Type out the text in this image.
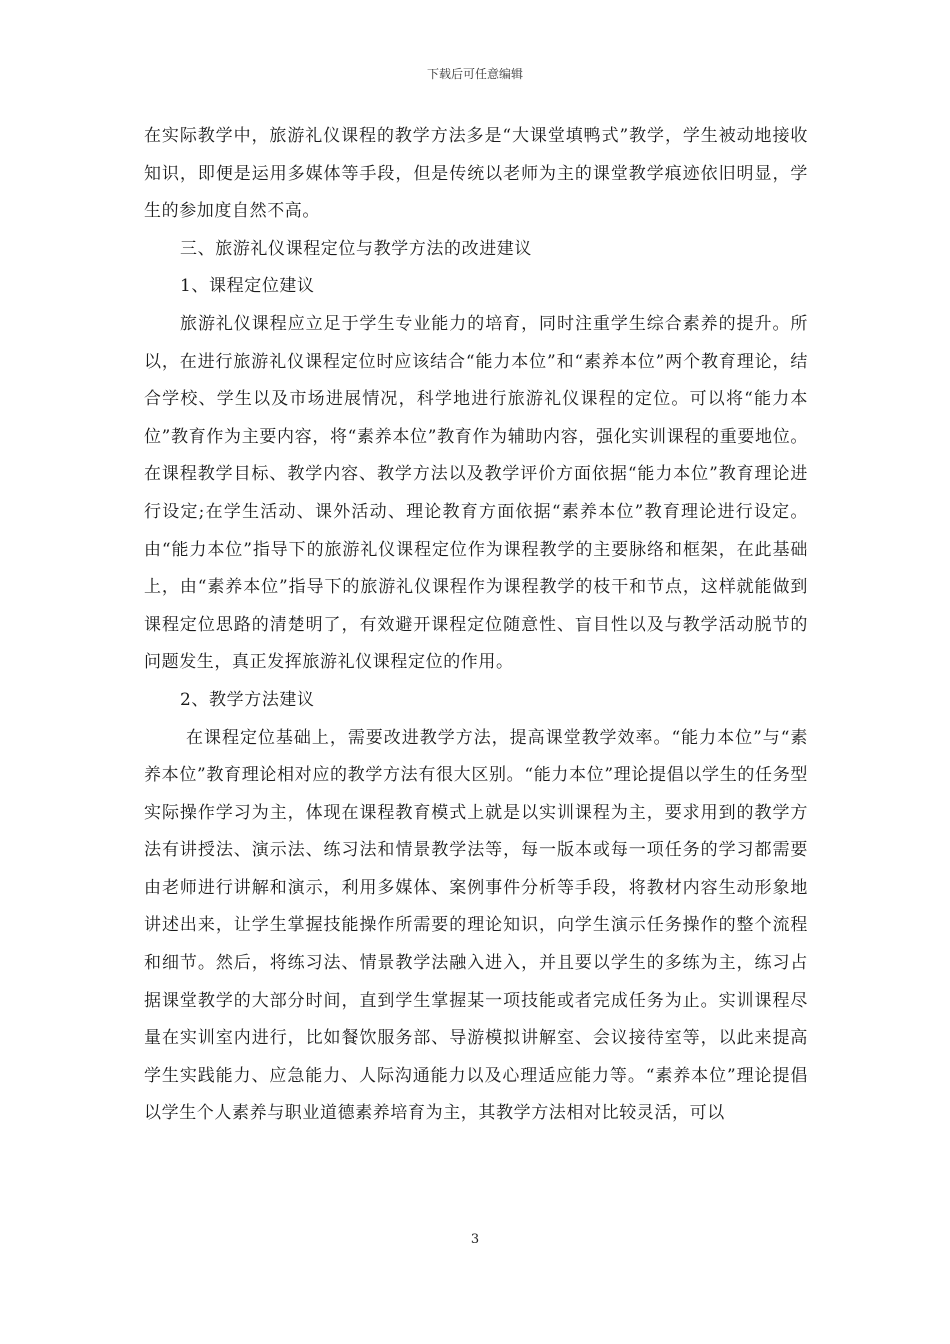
下载后可任意编辑

在实际教学中，旅游礼仪课程的教学方法多是“大课堂填鸭式”教学，学生被动地接收知识，即便是运用多媒体等手段，但是传统以老师为主的课堂教学痕迹依旧明显，学生的参加度自然不高。

三、旅游礼仪课程定位与教学方法的改进建议

1、课程定位建议

旅游礼仪课程应立足于学生专业能力的培育，同时注重学生综合素养的提升。所以，在进行旅游礼仪课程定位时应该结合“能力本位”和“素养本位”两个教育理论，结合学校、学生以及市场进展情况，科学地进行旅游礼仪课程的定位。可以将“能力本位”教育作为主要内容，将“素养本位”教育作为辅助内容，强化实训课程的重要地位。在课程教学目标、教学内容、教学方法以及教学评价方面依据“能力本位”教育理论进行设定;在学生活动、课外活动、理论教育方面依据“素养本位”教育理论进行设定。由“能力本位”指导下的旅游礼仪课程定位作为课程教学的主要脉络和框架，在此基础上，由“素养本位”指导下的旅游礼仪课程作为课程教学的枝干和节点，这样就能做到课程定位思路的清楚明了，有效避开课程定位随意性、盲目性以及与教学活动脱节的问题发生，真正发挥旅游礼仪课程定位的作用。

2、教学方法建议

在课程定位基础上，需要改进教学方法，提高课堂教学效率。“能力本位”与“素养本位”教育理论相对应的教学方法有很大区别。“能力本位”理论提倡以学生的任务型实际操作学习为主，体现在课程教育模式上就是以实训课程为主，要求用到的教学方法有讲授法、演示法、练习法和情景教学法等，每一版本或每一项任务的学习都需要由老师进行讲解和演示，利用多媒体、案例事件分析等手段，将教材内容生动形象地讲述出来，让学生掌握技能操作所需要的理论知识，向学生演示任务操作的整个流程和细节。然后，将练习法、情景教学法融入进入，并且要以学生的多练为主，练习占据课堂教学的大部分时间，直到学生掌握某一项技能或者完成任务为止。实训课程尽量在实训室内进行，比如餐饮服务部、导游模拟讲解室、会议接待室等，以此来提高学生实践能力、应急能力、人际沟通能力以及心理适应能力等。“素养本位”理论提倡以学生个人素养与职业道德素养培育为主，其教学方法相对比较灵活，可以

3
